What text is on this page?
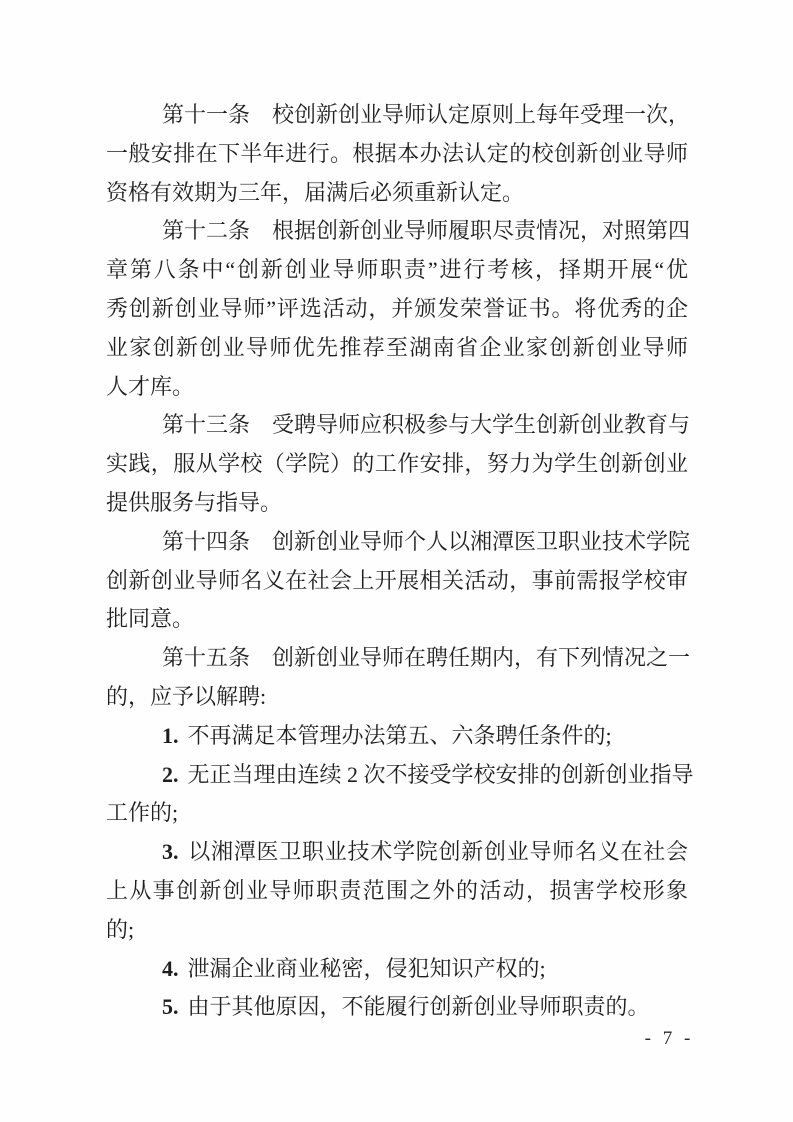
第十一条　校创新创业导师认定原则上每年受理一次，
一般安排在下半年进行。根据本办法认定的校创新创业导师
资格有效期为三年，届满后必须重新认定。
第十二条　根据创新创业导师履职尽责情况，对照第四
章第八条中“创新创业导师职责”进行考核，择期开展“优
秀创新创业导师”评选活动，并颁发荣誉证书。将优秀的企
业家创新创业导师优先推荐至湖南省企业家创新创业导师
人才库。
第十三条　受聘导师应积极参与大学生创新创业教育与
实践，服从学校（学院）的工作安排，努力为学生创新创业
提供服务与指导。
第十四条　创新创业导师个人以湘潭医卫职业技术学院
创新创业导师名义在社会上开展相关活动，事前需报学校审
批同意。
第十五条　创新创业导师在聘任期内，有下列情况之一
的，应予以解聘:
1. 不再满足本管理办法第五、六条聘任条件的;
2. 无正当理由连续 2 次不接受学校安排的创新创业指导
工作的;
3. 以湘潭医卫职业技术学院创新创业导师名义在社会
上从事创新创业导师职责范围之外的活动，损害学校形象
的;
4. 泄漏企业商业秘密，侵犯知识产权的;
5. 由于其他原因，不能履行创新创业导师职责的。
- 7 -
